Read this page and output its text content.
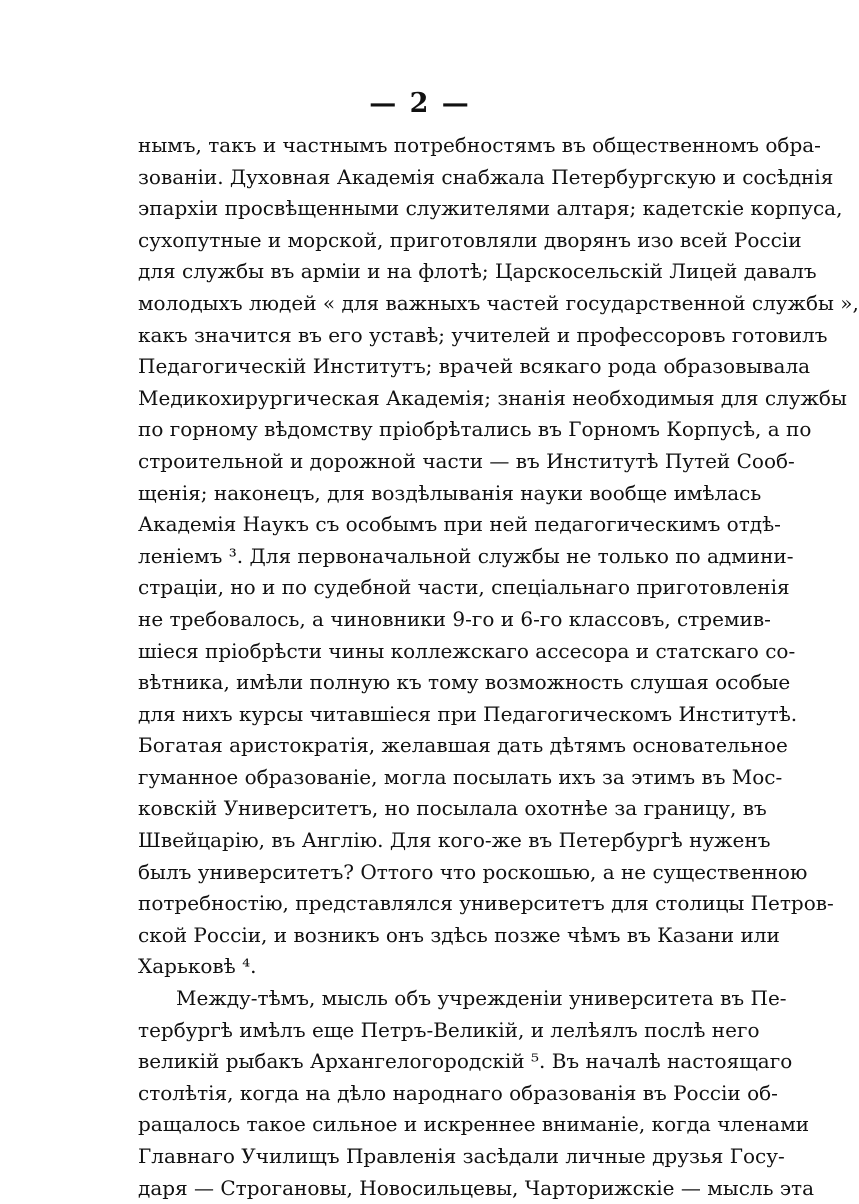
— 2 —
нымъ, такъ и частнымъ потребностямъ въ общественномъ обра-
зованіи. Духовная Академія снабжала Петербургскую и сосѣднія
эпархіи просвѣщенными служителями алтаря; кадетскіе корпуса,
сухопутные и морской, приготовляли дворянъ изо всей Россіи
для службы въ арміи и на флотѣ; Царскосельскій Лицей давалъ
молодыхъ людей « для важныхъ частей государственной службы »,
какъ значится въ его уставѣ; учителей и профессоровъ готовилъ
Педагогическій Институтъ; врачей всякаго рода образовывала
Медикохирургическая Академія; знанія необходимыя для службы
по горному вѣдомству пріобрѣтались въ Горномъ Корпусѣ, а по
строительной и дорожной части — въ Институтѣ Путей Сооб-
щенія; наконецъ, для воздѣлыванія науки вообще имѣлась
Академія Наукъ съ особымъ при ней педагогическимъ отдѣ-
леніемъ ³. Для первоначальной службы не только по админи-
страціи, но и по судебной части, спеціальнаго приготовленія
не требовалось, а чиновники 9-го и 6-го классовъ, стремив-
шіеся пріобрѣсти чины коллежскаго ассесора и статскаго со-
вѣтника, имѣли полную къ тому возможность слушая особые
для нихъ курсы читавшіеся при Педагогическомъ Институтѣ.
Богатая аристократія, желавшая дать дѣтямъ основательное
гуманное образованіе, могла посылать ихъ за этимъ въ Мос-
ковскій Университетъ, но посылала охотнѣе за границу, въ
Швейцарію, въ Англію. Для кого-же въ Петербургѣ нуженъ
былъ университетъ? Оттого что роскошью, а не существенною
потребностію, представлялся университетъ для столицы Петров-
ской Россіи, и возникъ онъ здѣсь позже чѣмъ въ Казани или
Харьковѣ ⁴.
Между-тѣмъ, мысль объ учрежденіи университета въ Пе-
тербургѣ имѣлъ еще Петръ-Великій, и лелѣялъ послѣ него
великій рыбакъ Архангелогородскій ⁵. Въ началѣ настоящаго
столѣтія, когда на дѣло народнаго образованія въ Россіи об-
ращалось такое сильное и искреннее вниманіе, когда членами
Главнаго Училищъ Правленія засѣдали личные друзья Госу-
даря — Строгановы, Новосильцевы, Чарторижскіе — мысль эта
